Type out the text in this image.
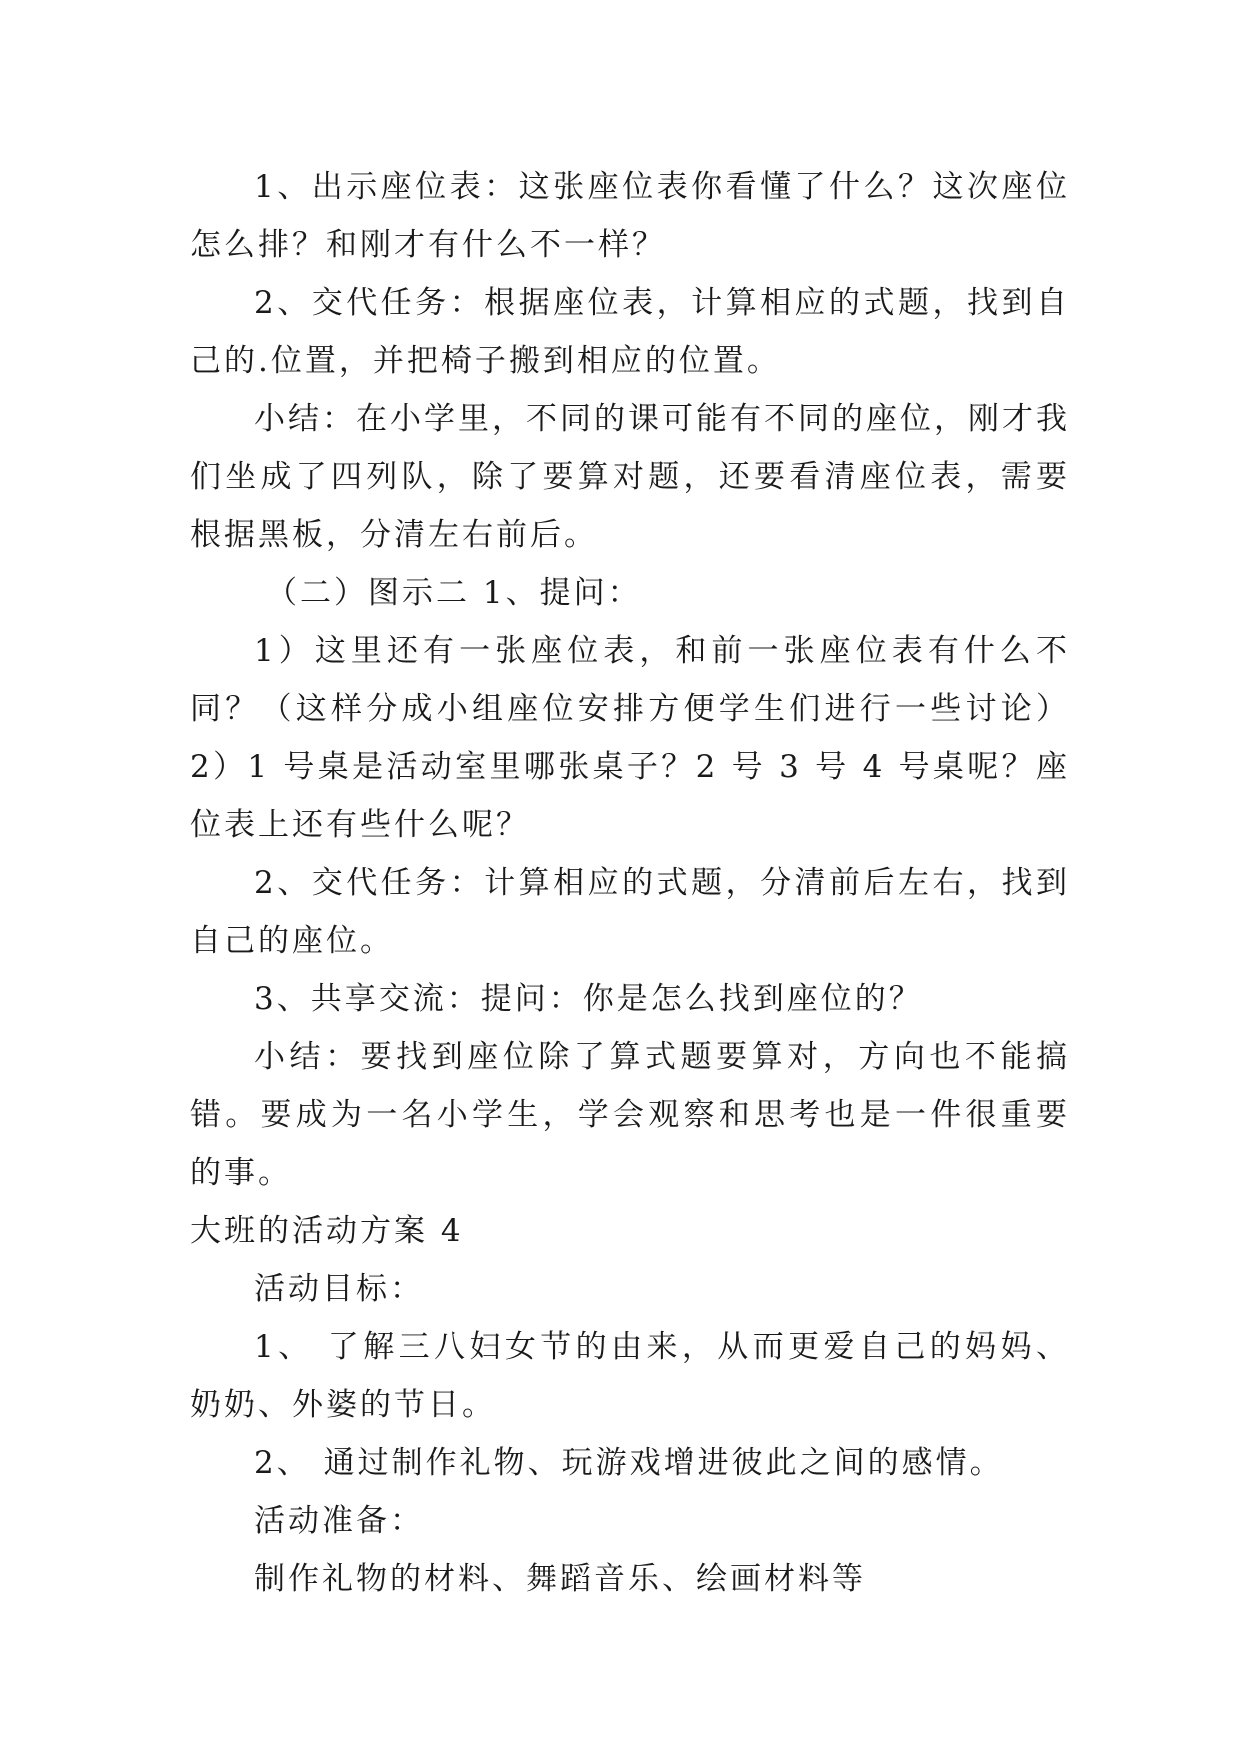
1、出示座位表：这张座位表你看懂了什么？这次座位怎么排？和刚才有什么不一样？

2、交代任务：根据座位表，计算相应的式题，找到自己的.位置，并把椅子搬到相应的位置。

小结：在小学里，不同的课可能有不同的座位，刚才我们坐成了四列队，除了要算对题，还要看清座位表，需要根据黑板，分清左右前后。

（二）图示二 1、提问：

1）这里还有一张座位表，和前一张座位表有什么不同？（这样分成小组座位安排方便学生们进行一些讨论）2）1 号桌是活动室里哪张桌子？2 号 3 号 4 号桌呢？座位表上还有些什么呢？

2、交代任务：计算相应的式题，分清前后左右，找到自己的座位。

3、共享交流：提问：你是怎么找到座位的？

小结：要找到座位除了算式题要算对，方向也不能搞错。要成为一名小学生，学会观察和思考也是一件很重要的事。

大班的活动方案 4

活动目标：

1、 了解三八妇女节的由来，从而更爱自己的妈妈、奶奶、外婆的节日。

2、 通过制作礼物、玩游戏增进彼此之间的感情。

活动准备：

制作礼物的材料、舞蹈音乐、绘画材料等
